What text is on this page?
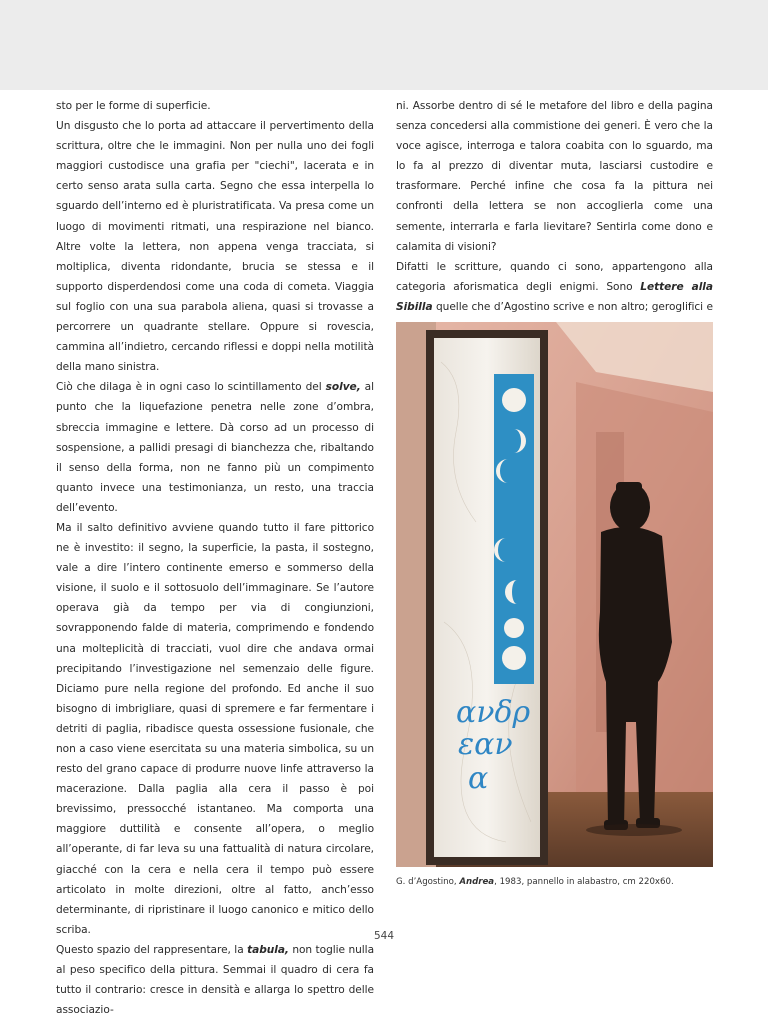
sto per le forme di superficie.

Un disgusto che lo porta ad attaccare il pervertimento della scrittura, oltre che le immagini. Non per nulla uno dei fogli maggiori custodisce una grafia per "ciechi", lacerata e in certo senso arata sulla carta. Segno che essa interpella lo sguardo dell’interno ed è pluristratificata. Va presa come un luogo di movimenti ritmati, una respirazione nel bianco. Altre volte la lettera, non appena venga tracciata, si moltiplica, diventa ridondante, brucia se stessa e il supporto disperdendosi come una coda di cometa. Viaggia sul foglio con una sua parabola aliena, quasi si trovasse a percorrere un quadrante stellare. Oppure si rovescia, cammina all’indietro, cercando riflessi e doppi nella motilità della mano sinistra.

Ciò che dilaga è in ogni caso lo scintillamento del solve, al punto che la liquefazione penetra nelle zone d’ombra, sbreccia immagine e lettere. Dà corso ad un processo di sospensione, a pallidi presagi di bianchezza che, ribaltando il senso della forma, non ne fanno più un compimento quanto invece una testimonianza, un resto, una traccia dell’evento.

Ma il salto definitivo avviene quando tutto il fare pittorico ne è investito: il segno, la superficie, la pasta, il sostegno, vale a dire l’intero continente emerso e sommerso della visione, il suolo e il sottosuolo dell’immaginare. Se l’autore operava già da tempo per via di congiunzioni, sovrapponendo falde di materia, comprimendo e fondendo una molteplicità di tracciati, vuol dire che andava ormai precipitando l’investigazione nel semenzaio delle figure. Diciamo pure nella regione del profondo. Ed anche il suo bisogno di imbrigliare, quasi di spremere e far fermentare i detriti di paglia, ribadisce questa ossessione fusionale, che non a caso viene esercitata su una materia simbolica, su un resto del grano capace di produrre nuove linfe attraverso la macerazione. Dalla paglia alla cera il passo è poi brevissimo, pressocché istantaneo. Ma comporta una maggiore duttilità e consente all’opera, o meglio all’operante, di far leva su una fattualità di natura circolare, giacché con la cera e nella cera il tempo può essere articolato in molte direzioni, oltre al fatto, anch’esso determinante, di ripristinare il luogo canonico e mitico dello scriba.

Questo spazio del rappresentare, la tabula, non toglie nulla al peso specifico della pittura. Semmai il quadro di cera fa tutto il contrario: cresce in densità e allarga lo spettro delle associazio-

ni. Assorbe dentro di sé le metafore del libro e della pagina senza concedersi alla commistione dei generi. È vero che la voce agisce, interroga e talora coabita con lo sguardo, ma lo fa al prezzo di diventar muta, lasciarsi custodire e trasformare. Perché infine che cosa fa la pittura nei confronti della lettera se non accoglierla come una semente, interrarla e farla lievitare? Sentirla come dono e calamita di visioni?

Difatti le scritture, quando ci sono, appartengono alla categoria aforismatica degli enigmi. Sono Lettere alla Sibilla quelle che d’Agostino scrive e non altro; geroglifici e

ανδρ εαν α
G. d’Agostino, Andrea, 1983, pannello in alabastro, cm 220x60.
544
